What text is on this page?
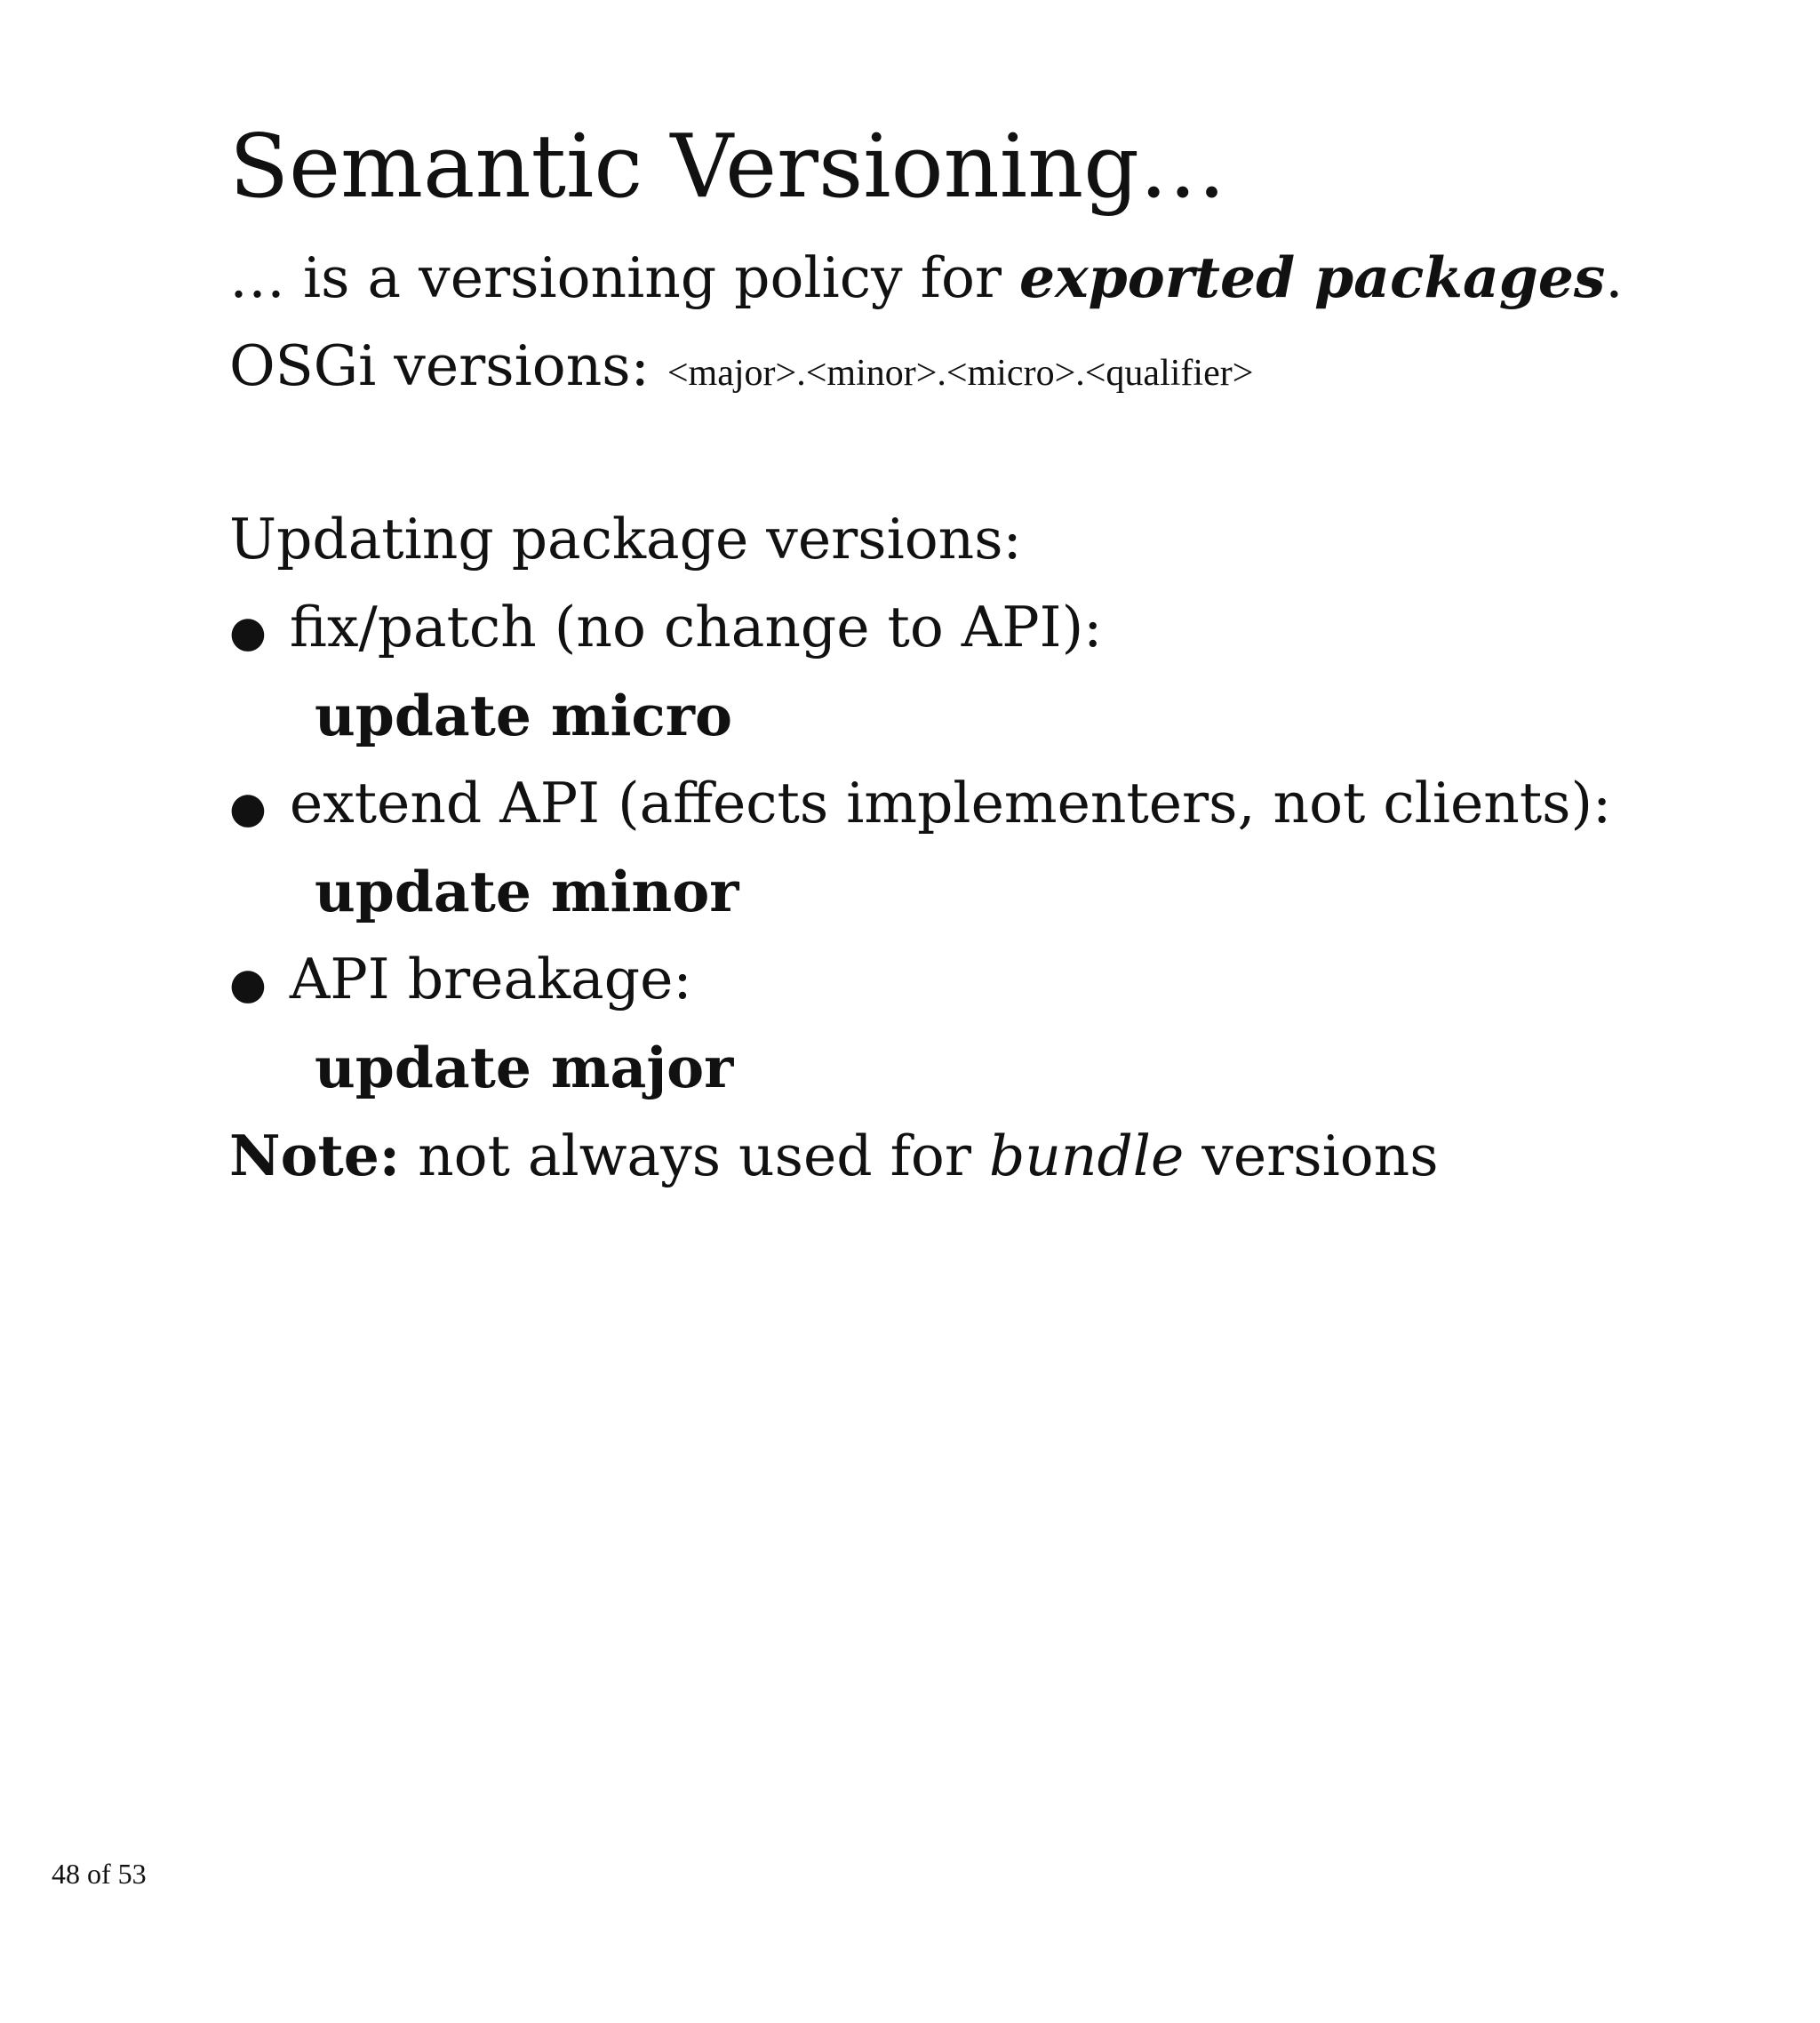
Semantic Versioning…

… is a versioning policy for exported packages.

OSGi versions: <major>.<minor>.<micro>.<qualifier>

Updating package versions:

● fix/patch (no change to API):

update micro

● extend API (affects implementers, not clients):

update minor

● API breakage:

update major

Note: not always used for bundle versions

48 of 53
